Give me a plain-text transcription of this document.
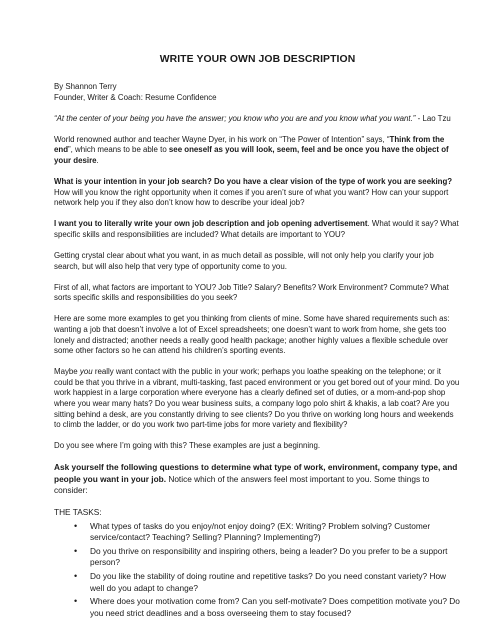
WRITE YOUR OWN JOB DESCRIPTION
By Shannon Terry
Founder, Writer & Coach: Resume Confidence
“At the center of your being you have the answer; you know who you are and you know what you want.” - Lao Tzu
World renowned author and teacher Wayne Dyer, in his work on “The Power of Intention” says, “Think from the end”, which means to be able to see oneself as you will look, seem, feel and be once you have the object of your desire.
What is your intention in your job search? Do you have a clear vision of the type of work you are seeking? How will you know the right opportunity when it comes if you aren’t sure of what you want? How can your support network help you if they also don’t know how to describe your ideal job?
I want you to literally write your own job description and job opening advertisement. What would it say? What specific skills and responsibilities are included? What details are important to YOU?
Getting crystal clear about what you want, in as much detail as possible, will not only help you clarify your job search, but will also help that very type of opportunity come to you.
First of all, what factors are important to YOU? Job Title? Salary? Benefits? Work Environment? Commute? What sorts specific skills and responsibilities do you seek?
Here are some more examples to get you thinking from clients of mine. Some have shared requirements such as: wanting a job that doesn’t involve a lot of Excel spreadsheets; one doesn’t want to work from home, she gets too lonely and distracted; another needs a really good health package; another highly values a flexible schedule over some other factors so he can attend his children’s sporting events.
Maybe you really want contact with the public in your work; perhaps you loathe speaking on the telephone; or it could be that you thrive in a vibrant, multi-tasking, fast paced environment or you get bored out of your mind. Do you work happiest in a large corporation where everyone has a clearly defined set of duties, or a mom-and-pop shop where you wear many hats? Do you wear business suits, a company logo polo shirt & khakis, a lab coat? Are you sitting behind a desk, are you constantly driving to see clients? Do you thrive on working long hours and weekends to climb the ladder, or do you work two part-time jobs for more variety and flexibility?
Do you see where I’m going with this? These examples are just a beginning.
Ask yourself the following questions to determine what type of work, environment, company type, and people you want in your job. Notice which of the answers feel most important to you. Some things to consider:
THE TASKS:
• What types of tasks do you enjoy/not enjoy doing? (EX: Writing? Problem solving? Customer service/contact? Teaching? Selling? Planning? Implementing?)
• Do you thrive on responsibility and inspiring others, being a leader? Do you prefer to be a support person?
• Do you like the stability of doing routine and repetitive tasks? Do you need constant variety? How well do you adapt to change?
• Where does your motivation come from? Can you self-motivate? Does competition motivate you? Do you need strict deadlines and a boss overseeing them to stay focused?
